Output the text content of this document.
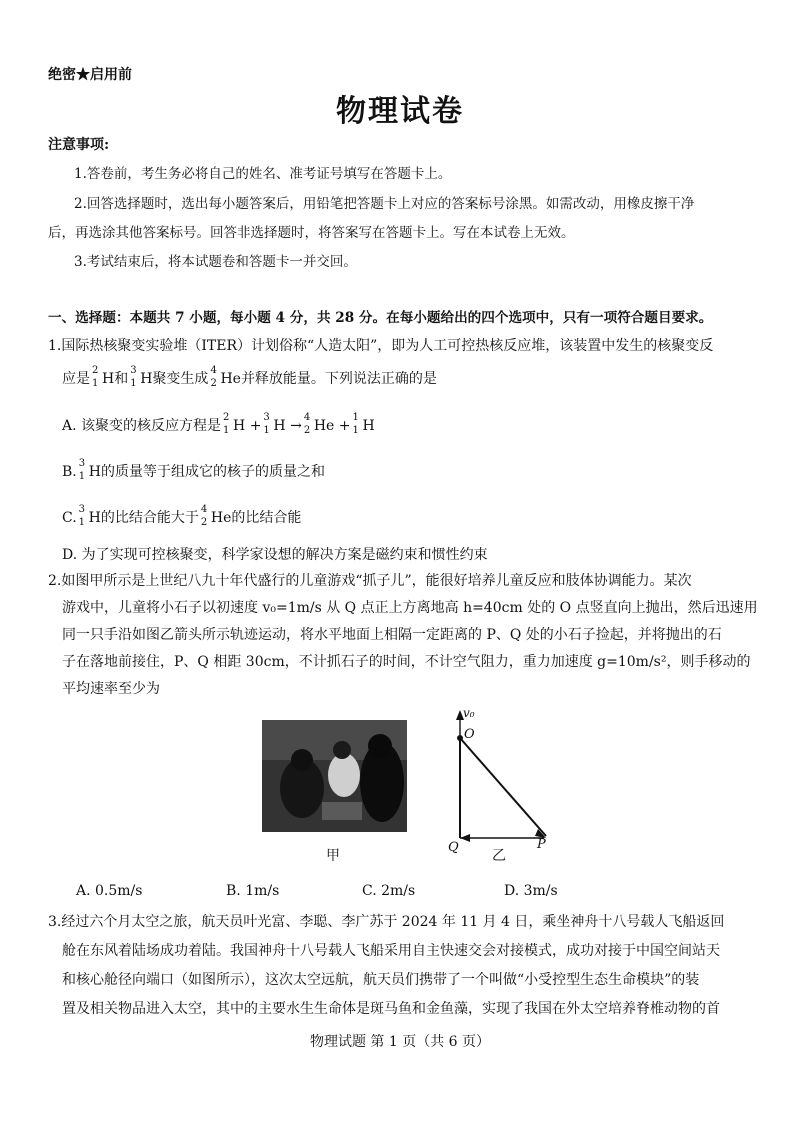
绝密★启用前
物理试卷
注意事项:
1.答卷前，考生务必将自己的姓名、准考证号填写在答题卡上。
2.回答选择题时，选出每小题答案后，用铅笔把答题卡上对应的答案标号涂黑。如需改动，用橡皮擦干净
后，再选涂其他答案标号。回答非选择题时，将答案写在答题卡上。写在本试卷上无效。
3.考试结束后，将本试题卷和答题卡一并交回。
一、选择题：本题共 7 小题，每小题 4 分，共 28 分。在每小题给出的四个选项中，只有一项符合题目要求。
1.国际热核聚变实验堆（ITER）计划俗称“人造太阳”，即为人工可控热核反应堆，该装置中发生的核聚变反
应是
2
1 H和
3
1 H聚变生成
4
2 He并释放能量。下列说法正确的是
A. 该聚变的核反应方程是
2
1 H +
3
1 H →
4
2 He +
1
1 H
B.
3
1 H的质量等于组成它的核子的质量之和
C.
3
1 H的比结合能大于
4
2 He的比结合能
D. 为了实现可控核聚变，科学家设想的解决方案是磁约束和惯性约束
2.如图甲所示是上世纪八九十年代盛行的儿童游戏“抓子儿”，能很好培养儿童反应和肢体协调能力。某次
游戏中，儿童将小石子以初速度 v₀=1m/s 从 Q 点正上方离地高 h=40cm 处的 O 点竖直向上抛出，然后迅速用
同一只手沿如图乙箭头所示轨迹运动，将水平地面上相隔一定距离的 P、Q 处的小石子捡起，并将抛出的石
子在落地前接住，P、Q 相距 30cm，不计抓石子的时间，不计空气阻力，重力加速度 g=10m/s²，则手移动的
平均速率至少为
甲
v₀
O
Q
乙
P
A. 0.5m/s	B. 1m/s	C. 2m/s	D. 3m/s
3.经过六个月太空之旅，航天员叶光富、李聪、李广苏于 2024 年 11 月 4 日，乘坐神舟十八号载人飞船返回
舱在东风着陆场成功着陆。我国神舟十八号载人飞船采用自主快速交会对接模式，成功对接于中国空间站天
和核心舱径向端口（如图所示），这次太空远航，航天员们携带了一个叫做“小受控型生态生命模块”的装
置及相关物品进入太空，其中的主要水生生命体是斑马鱼和金鱼藻，实现了我国在外太空培养脊椎动物的首
物理试题 第 1 页（共 6 页）
